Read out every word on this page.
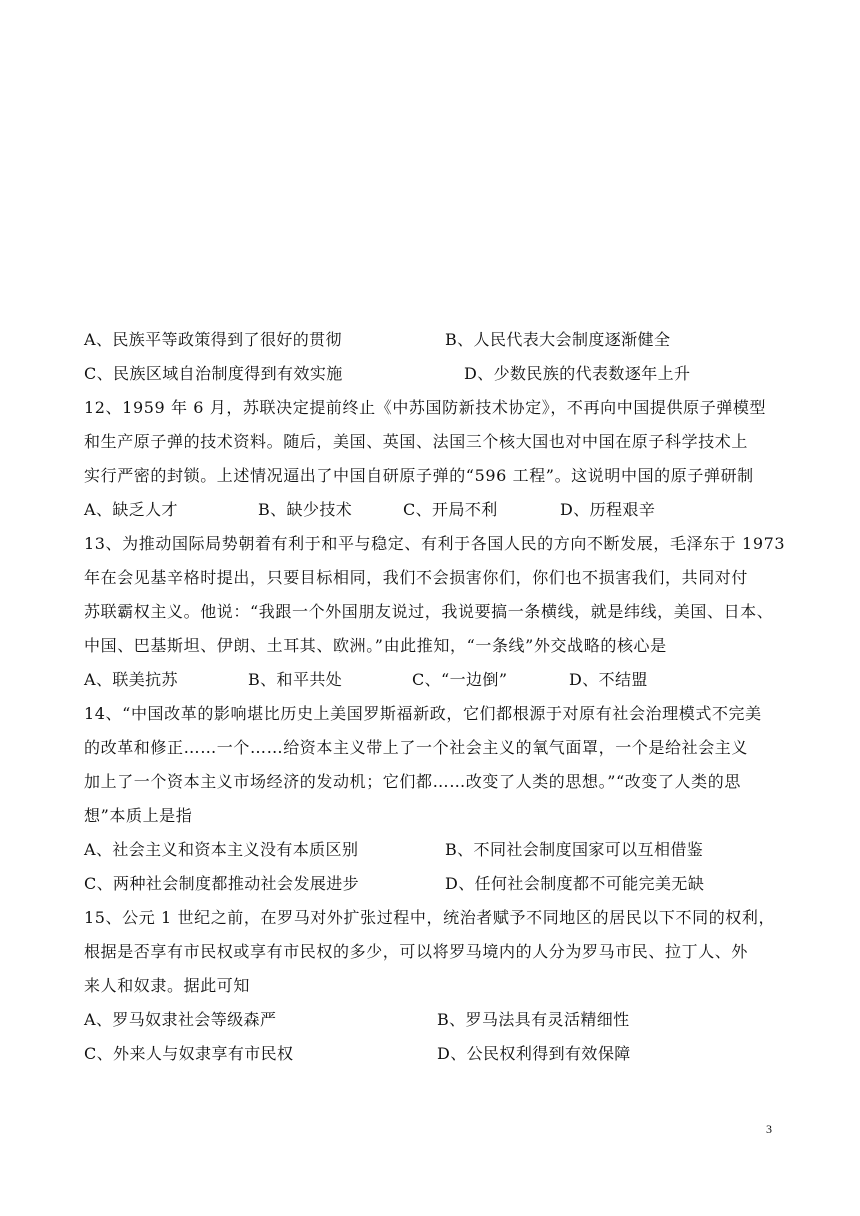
A、民族平等政策得到了很好的贯彻	B、人民代表大会制度逐渐健全
C、民族区域自治制度得到有效实施	D、少数民族的代表数逐年上升
12、1959 年 6 月，苏联决定提前终止《中苏国防新技术协定》，不再向中国提供原子弹模型
和生产原子弹的技术资料。随后，美国、英国、法国三个核大国也对中国在原子科学技术上
实行严密的封锁。上述情况逼出了中国自研原子弹的“596 工程”。这说明中国的原子弹研制
A、缺乏人才	B、缺少技术	C、开局不利	D、历程艰辛
13、为推动国际局势朝着有利于和平与稳定、有利于各国人民的方向不断发展，毛泽东于 1973
年在会见基辛格时提出，只要目标相同，我们不会损害你们，你们也不损害我们，共同对付
苏联霸权主义。他说：“我跟一个外国朋友说过，我说要搞一条横线，就是纬线，美国、日本、
中国、巴基斯坦、伊朗、土耳其、欧洲。”由此推知，“一条线”外交战略的核心是
A、联美抗苏	B、和平共处	C、“一边倒”	D、不结盟
14、“中国改革的影响堪比历史上美国罗斯福新政，它们都根源于对原有社会治理模式不完美
的改革和修正……一个……给资本主义带上了一个社会主义的氧气面罩，一个是给社会主义
加上了一个资本主义市场经济的发动机；它们都……改变了人类的思想。”“改变了人类的思
想”本质上是指
A、社会主义和资本主义没有本质区别	B、不同社会制度国家可以互相借鉴
C、两种社会制度都推动社会发展进步	D、任何社会制度都不可能完美无缺
15、公元 1 世纪之前，在罗马对外扩张过程中，统治者赋予不同地区的居民以下不同的权利，
根据是否享有市民权或享有市民权的多少，可以将罗马境内的人分为罗马市民、拉丁人、外
来人和奴隶。据此可知
A、罗马奴隶社会等级森严	B、罗马法具有灵活精细性
C、外来人与奴隶享有市民权	D、公民权利得到有效保障
3
